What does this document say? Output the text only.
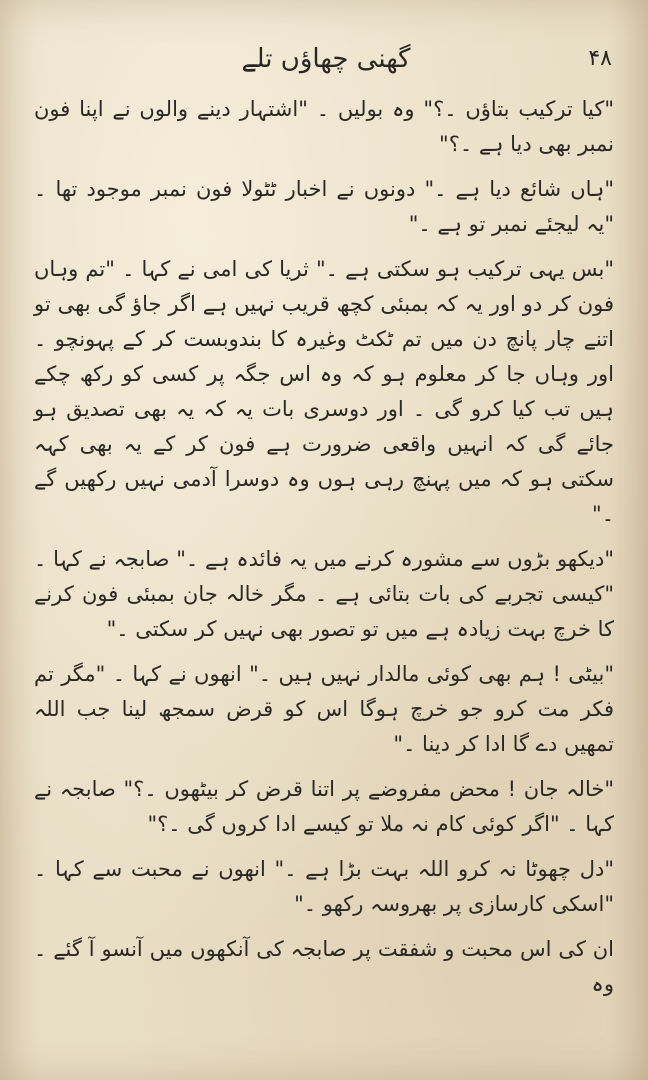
گھنی چھاؤں تلے	۴۸

"کیا ترکیب بتاؤں ۔؟" وہ بولیں ۔ "اشتہار دینے والوں نے اپنا فون نمبر بھی دیا ہے ۔؟"

"ہاں شائع دیا ہے ۔" دونوں نے اخبار ٹٹولا فون نمبر موجود تھا ۔ "یہ لیجئے نمبر تو ہے ۔"

"بس یہی ترکیب ہو سکتی ہے ۔" ثریا کی امی نے کہا ۔ "تم وہاں فون کر دو اور یہ کہ بمبئی کچھ قریب نہیں ہے اگر جاؤ گی بھی تو اتنے چار پانچ دن میں تم ٹکٹ وغیرہ کا بندوبست کر کے پہونچو ۔ اور وہاں جا کر معلوم ہو کہ وہ اس جگہ پر کسی کو رکھ چکے ہیں تب کیا کرو گی ۔ اور دوسری بات یہ کہ یہ بھی تصدیق ہو جائے گی کہ انہیں واقعی ضرورت ہے فون کر کے یہ بھی کہہ سکتی ہو کہ میں پہنچ رہی ہوں وہ دوسرا آدمی نہیں رکھیں گے ۔"

"دیکھو بڑوں سے مشورہ کرنے میں یہ فائدہ ہے ۔" صابجہ نے کہا ۔ "کیسی تجربے کی بات بتائی ہے ۔ مگر خالہ جان بمبئی فون کرنے کا خرچ بہت زیادہ ہے میں تو تصور بھی نہیں کر سکتی ۔"

"بیٹی ! ہم بھی کوئی مالدار نہیں ہیں ۔" انھوں نے کہا ۔ "مگر تم فکر مت کرو جو خرچ ہوگا اس کو قرض سمجھ لینا جب اللہ تمھیں دے گا ادا کر دینا ۔"

"خالہ جان ! محض مفروضے پر اتنا قرض کر بیٹھوں ۔؟" صابجہ نے کہا ۔ "اگر کوئی کام نہ ملا تو کیسے ادا کروں گی ۔؟"

"دل چھوٹا نہ کرو اللہ بہت بڑا ہے ۔" انھوں نے محبت سے کہا ۔ "اسکی کارسازی پر بھروسہ رکھو ۔"

ان کی اس محبت و شفقت پر صابجہ کی آنکھوں میں آنسو آ گئے ۔ وہ
